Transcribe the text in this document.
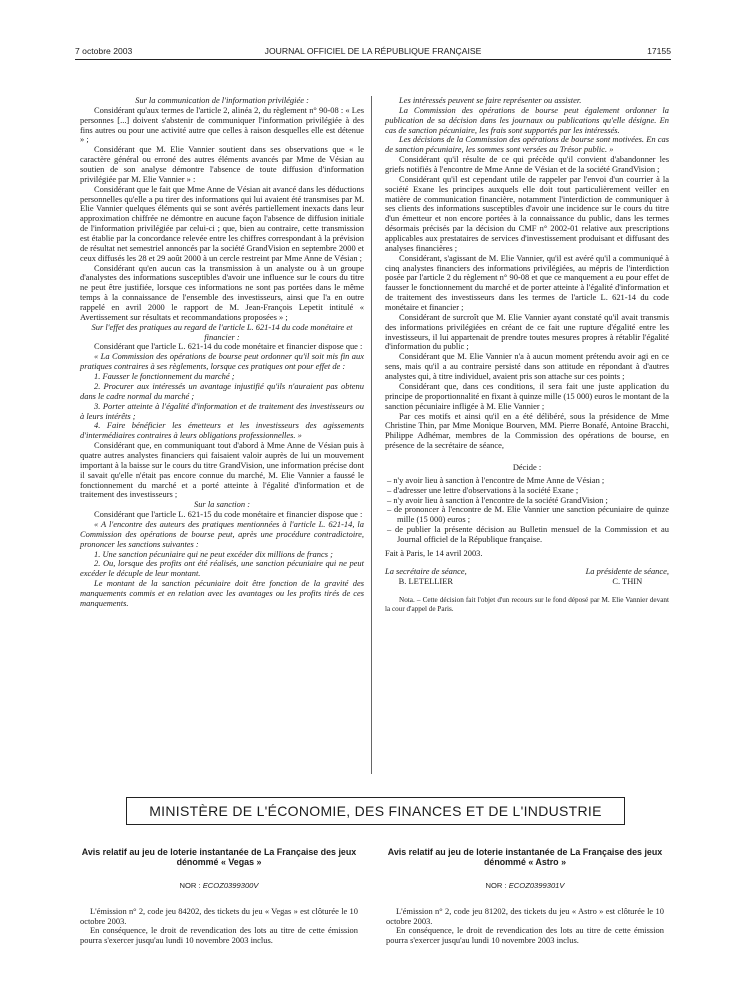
7 octobre 2003	JOURNAL OFFICIEL DE LA RÉPUBLIQUE FRANÇAISE	17155

Sur la communication de l'information privilégiée :

Considérant qu'aux termes de l'article 2, alinéa 2, du règlement n° 90-08 : « Les personnes [...] doivent s'abstenir de communiquer l'information privilégiée à des fins autres ou pour une activité autre que celles à raison desquelles elle est détenue » ;

Considérant que M. Elie Vannier soutient dans ses observations que « le caractère général ou erroné des autres éléments avancés par Mme de Vésian au soutien de son analyse démontre l'absence de toute diffusion d'information privilégiée par M. Elie Vannier » :

Considérant que le fait que Mme Anne de Vésian ait avancé dans les déductions personnelles qu'elle a pu tirer des informations qui lui avaient été transmises par M. Elie Vannier quelques éléments qui se sont avérés partiellement inexacts dans leur approximation chiffrée ne démontre en aucune façon l'absence de diffusion initiale de l'information privilégiée par celui-ci ; que, bien au contraire, cette transmission est établie par la concordance relevée entre les chiffres correspondant à la prévision de résultat net semestriel annoncés par la société GrandVision en septembre 2000 et ceux diffusés les 28 et 29 août 2000 à un cercle restreint par Mme Anne de Vésian ;

Considérant qu'en aucun cas la transmission à un analyste ou à un groupe d'analystes des informations susceptibles d'avoir une influence sur le cours du titre ne peut être justifiée, lorsque ces informations ne sont pas portées dans le même temps à la connaissance de l'ensemble des investisseurs, ainsi que l'a en outre rappelé en avril 2000 le rapport de M. Jean-François Lepetit intitulé « Avertissement sur résultats et recommandations proposées » ;

Sur l'effet des pratiques au regard de l'article L. 621-14 du code monétaire et financier :

Considérant que l'article L. 621-14 du code monétaire et financier dispose que :

« La Commission des opérations de bourse peut ordonner qu'il soit mis fin aux pratiques contraires à ses règlements, lorsque ces pratiques ont pour effet de :

1. Fausser le fonctionnement du marché ;

2. Procurer aux intéressés un avantage injustifié qu'ils n'auraient pas obtenu dans le cadre normal du marché ;

3. Porter atteinte à l'égalité d'information et de traitement des investisseurs ou à leurs intérêts ;

4. Faire bénéficier les émetteurs et les investisseurs des agissements d'intermédiaires contraires à leurs obligations professionnelles. »

Considérant que, en communiquant tout d'abord à Mme Anne de Vésian puis à quatre autres analystes financiers qui faisaient valoir auprès de lui un mouvement important à la baisse sur le cours du titre GrandVision, une information précise dont il savait qu'elle n'était pas encore connue du marché, M. Elie Vannier a faussé le fonctionnement du marché et a porté atteinte à l'égalité d'information et de traitement des investisseurs ;

Sur la sanction :

Considérant que l'article L. 621-15 du code monétaire et financier dispose que :

« A l'encontre des auteurs des pratiques mentionnées à l'article L. 621-14, la Commission des opérations de bourse peut, après une procédure contradictoire, prononcer les sanctions suivantes :

1. Une sanction pécuniaire qui ne peut excéder dix millions de francs ;

2. Ou, lorsque des profits ont été réalisés, une sanction pécuniaire qui ne peut excéder le décuple de leur montant.

Le montant de la sanction pécuniaire doit être fonction de la gravité des manquements commis et en relation avec les avantages ou les profits tirés de ces manquements.

Les intéressés peuvent se faire représenter ou assister.

La Commission des opérations de bourse peut également ordonner la publication de sa décision dans les journaux ou publications qu'elle désigne. En cas de sanction pécuniaire, les frais sont supportés par les intéressés.

Les décisions de la Commission des opérations de bourse sont motivées. En cas de sanction pécuniaire, les sommes sont versées au Trésor public. »

Considérant qu'il résulte de ce qui précède qu'il convient d'abandonner les griefs notifiés à l'encontre de Mme Anne de Vésian et de la société GrandVision ;

Considérant qu'il est cependant utile de rappeler par l'envoi d'un courrier à la société Exane les principes auxquels elle doit tout particulièrement veiller en matière de communication financière, notamment l'interdiction de communiquer à ses clients des informations susceptibles d'avoir une incidence sur le cours du titre d'un émetteur et non encore portées à la connaissance du public, dans les termes désormais précisés par la décision du CMF n° 2002-01 relative aux prescriptions applicables aux prestataires de services d'investissement produisant et diffusant des analyses financières ;

Considérant, s'agissant de M. Elie Vannier, qu'il est avéré qu'il a communiqué à cinq analystes financiers des informations privilégiées, au mépris de l'interdiction posée par l'article 2 du règlement n° 90-08 et que ce manquement a eu pour effet de fausser le fonctionnement du marché et de porter atteinte à l'égalité d'information et de traitement des investisseurs dans les termes de l'article L. 621-14 du code monétaire et financier ;

Considérant de surcroît que M. Elie Vannier ayant constaté qu'il avait transmis des informations privilégiées en créant de ce fait une rupture d'égalité entre les investisseurs, il lui appartenait de prendre toutes mesures propres à rétablir l'égalité d'information du public ;

Considérant que M. Elie Vannier n'a à aucun moment prétendu avoir agi en ce sens, mais qu'il a au contraire persisté dans son attitude en répondant à d'autres analystes qui, à titre individuel, avaient pris son attache sur ces points ;

Considérant que, dans ces conditions, il sera fait une juste application du principe de proportionnalité en fixant à quinze mille (15 000) euros le montant de la sanction pécuniaire infligée à M. Elie Vannier ;

Par ces motifs et ainsi qu'il en a été délibéré, sous la présidence de Mme Christine Thin, par Mme Monique Bourven, MM. Pierre Bonafé, Antoine Bracchi, Philippe Adhémar, membres de la Commission des opérations de bourse, en présence de la secrétaire de séance,

Décide :

– n'y avoir lieu à sanction à l'encontre de Mme Anne de Vésian ;
– d'adresser une lettre d'observations à la société Exane ;
– n'y avoir lieu à sanction à l'encontre de la société GrandVision ;
– de prononcer à l'encontre de M. Elie Vannier une sanction pécuniaire de quinze mille (15 000) euros ;
– de publier la présente décision au Bulletin mensuel de la Commission et au Journal officiel de la République française.

Fait à Paris, le 14 avril 2003.

La secrétaire de séance,
B. LETELLIER
La présidente de séance,
C. THIN

Nota. – Cette décision fait l'objet d'un recours sur le fond déposé par M. Elie Vannier devant la cour d'appel de Paris.

MINISTÈRE DE L'ÉCONOMIE, DES FINANCES ET DE L'INDUSTRIE
Avis relatif au jeu de loterie instantanée de La Française des jeux dénommé « Vegas »
NOR : ECOZ0399300V

L'émission n° 2, code jeu 84202, des tickets du jeu « Vegas » est clôturée le 10 octobre 2003.

En conséquence, le droit de revendication des lots au titre de cette émission pourra s'exercer jusqu'au lundi 10 novembre 2003 inclus.

Avis relatif au jeu de loterie instantanée de La Française des jeux dénommé « Astro »
NOR : ECOZ0399301V

L'émission n° 2, code jeu 81202, des tickets du jeu « Astro » est clôturée le 10 octobre 2003.

En conséquence, le droit de revendication des lots au titre de cette émission pourra s'exercer jusqu'au lundi 10 novembre 2003 inclus.
